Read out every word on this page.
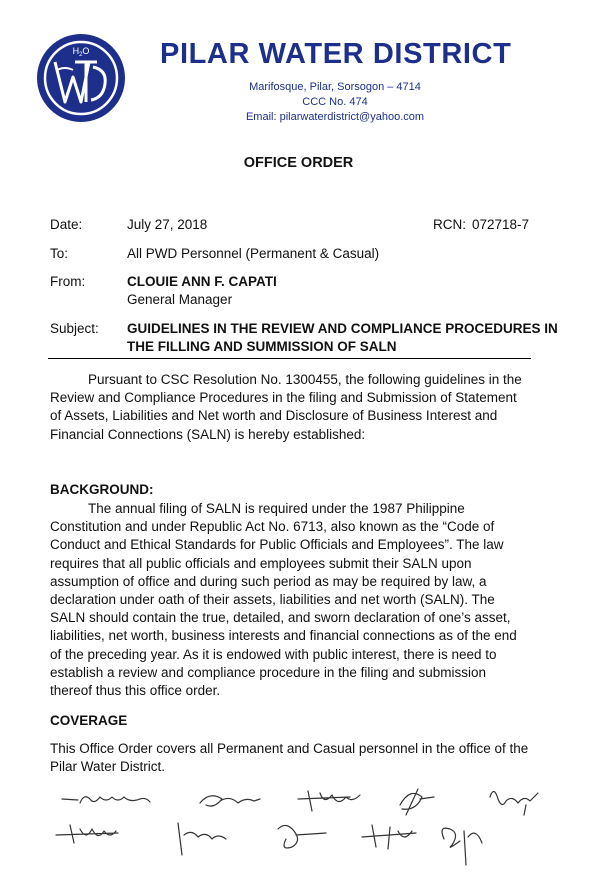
$H_2O$ PILAR WATER DISTRICT
Marifosque, Pilar, Sorsogon – 4714
CCC No. 474
Email: pilarwaterdistrict@yahoo.com
OFFICE ORDER
Date:	July 27, 2018	RCN: 072718-7
To:	All PWD Personnel (Permanent & Casual)
From:	CLOUIE ANN F. CAPATI
General Manager
Subject: GUIDELINES IN THE REVIEW AND COMPLIANCE PROCEDURES IN
THE FILLING AND SUMMISSION OF SALN
Pursuant to CSC Resolution No. 1300455, the following guidelines in the Review and Compliance Procedures in the filing and Submission of Statement of Assets, Liabilities and Net worth and Disclosure of Business Interest and Financial Connections (SALN) is hereby established:
BACKGROUND:
The annual filing of SALN is required under the 1987 Philippine Constitution and under Republic Act No. 6713, also known as the “Code of Conduct and Ethical Standards for Public Officials and Employees”. The law requires that all public officials and employees submit their SALN upon assumption of office and during such period as may be required by law, a declaration under oath of their assets, liabilities and net worth (SALN). The SALN should contain the true, detailed, and sworn declaration of one’s asset, liabilities, net worth, business interests and financial connections as of the end of the preceding year. As it is endowed with public interest, there is need to establish a review and compliance procedure in the filing and submission thereof thus this office order.
COVERAGE
This Office Order covers all Permanent and Casual personnel in the office of the Pilar Water District.
